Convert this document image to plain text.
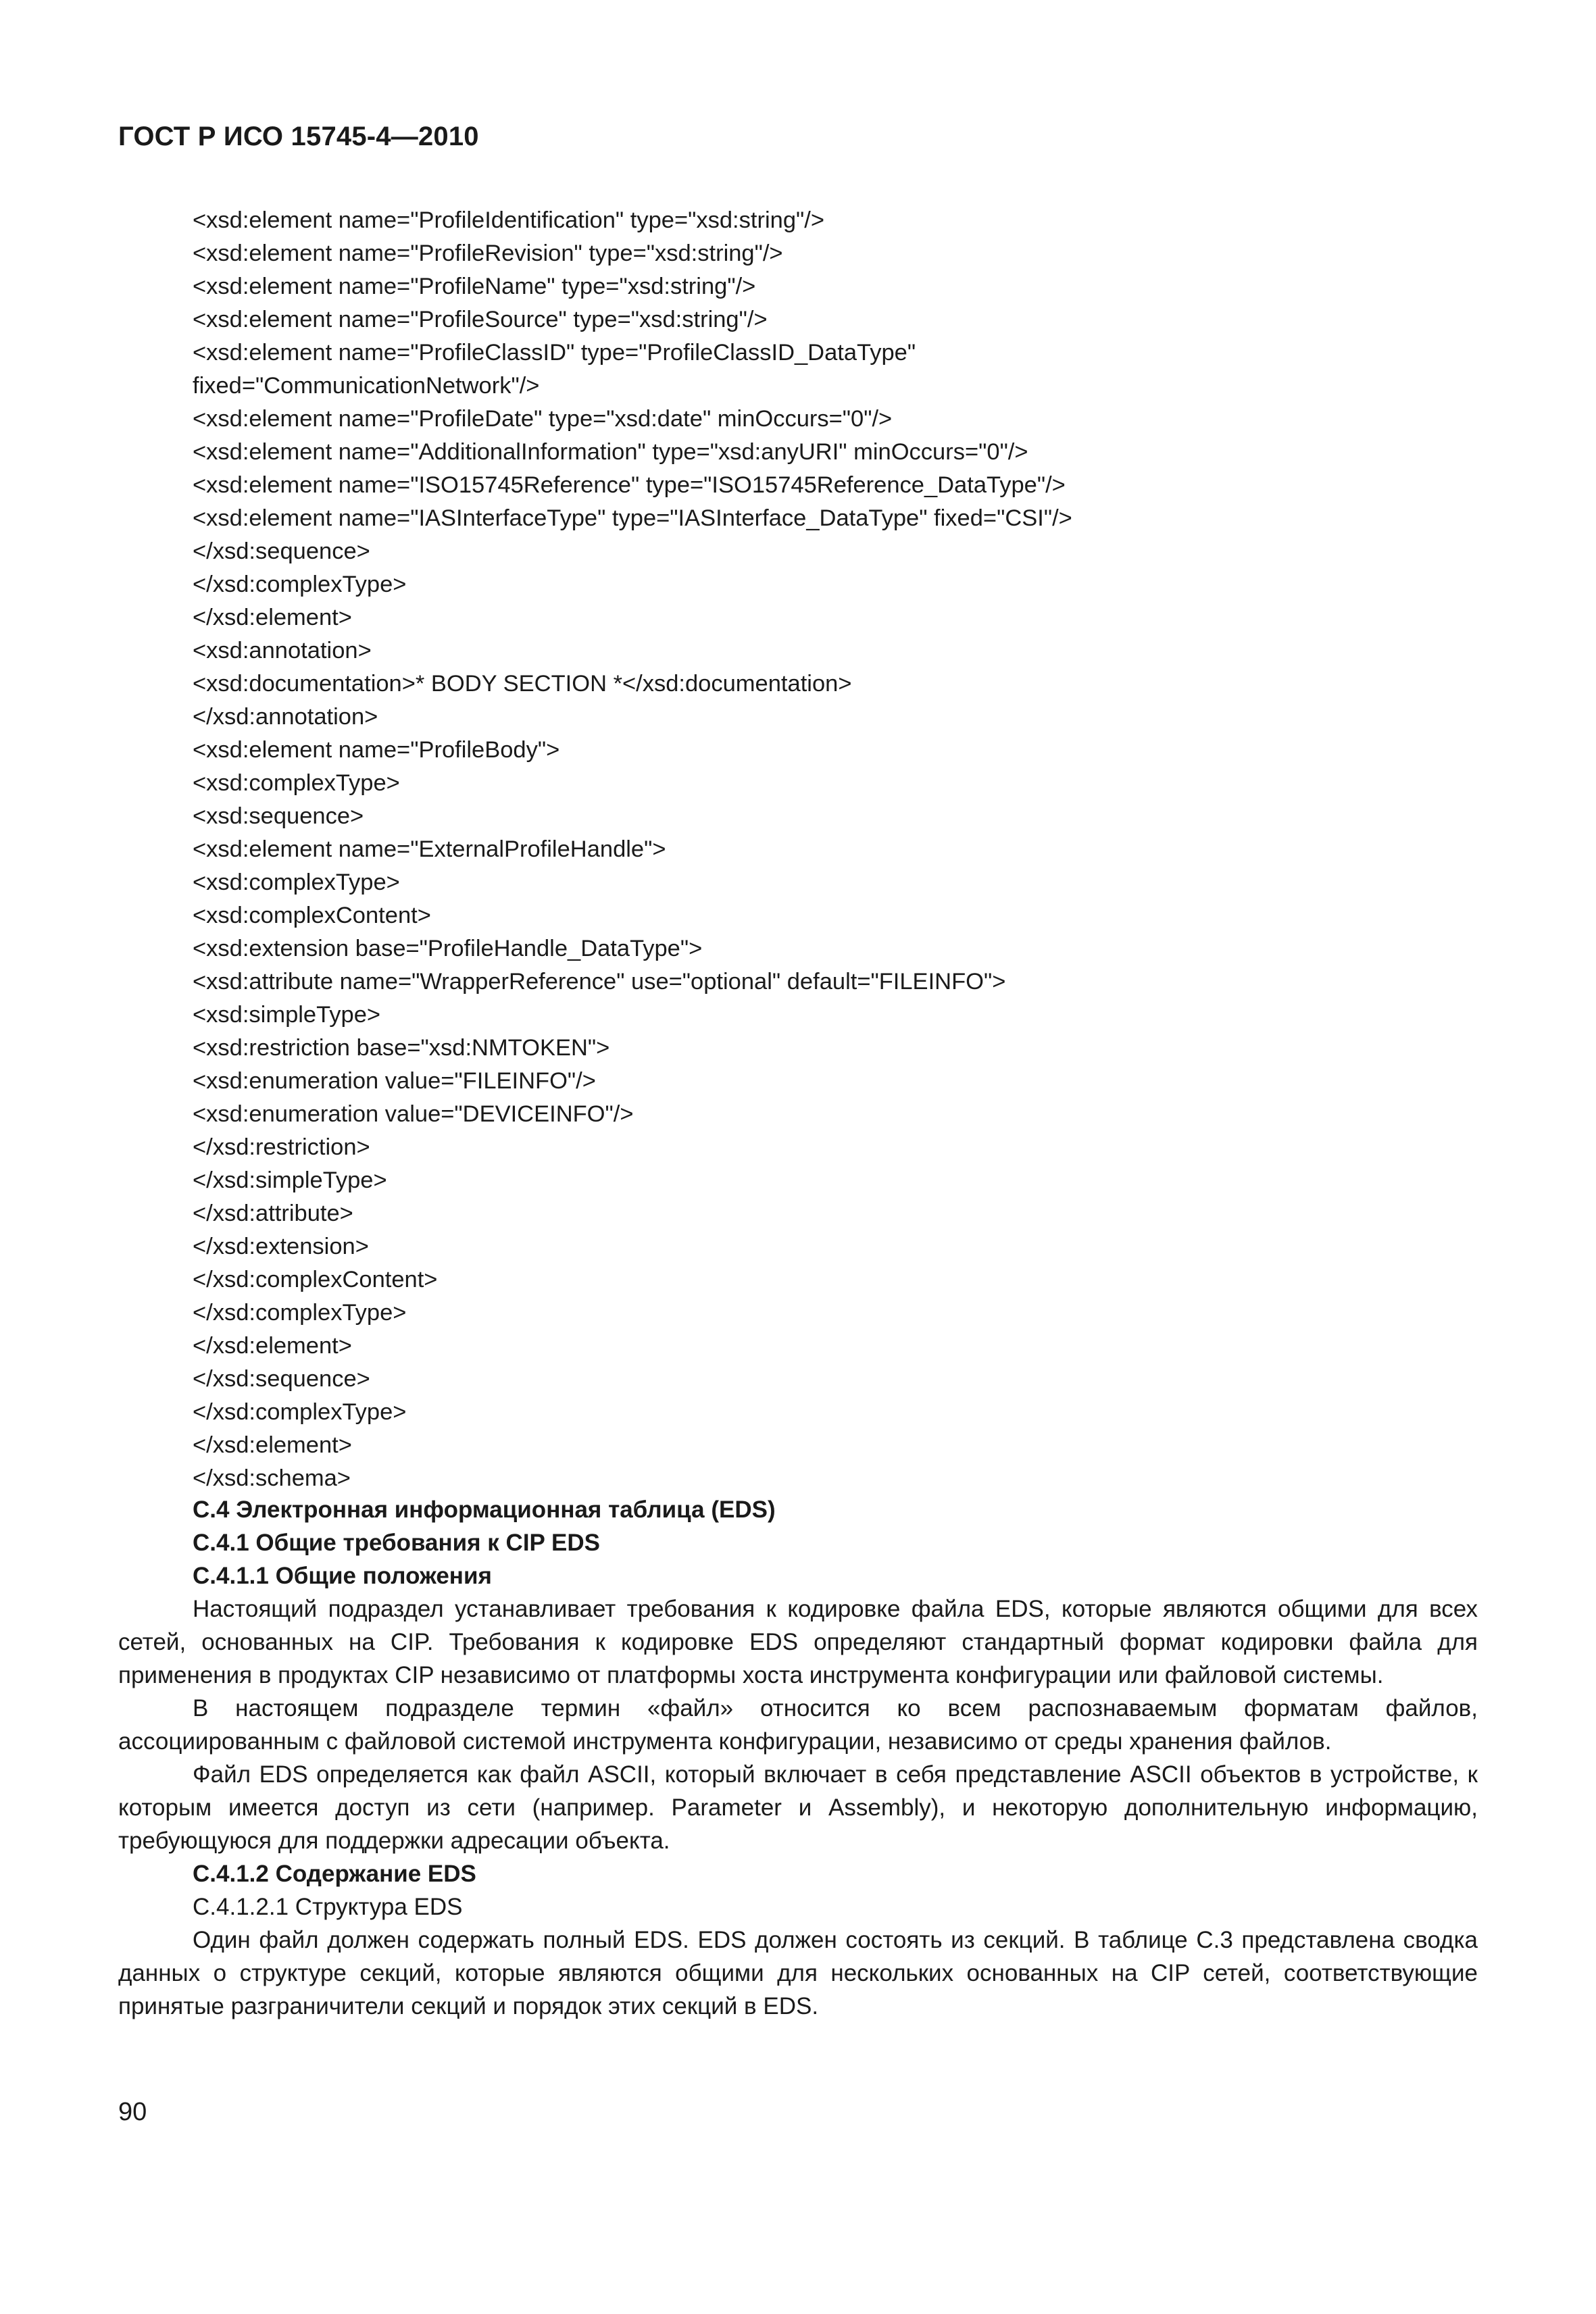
ГОСТ Р ИСО 15745-4—2010
<xsd:element name="ProfileIdentification" type="xsd:string"/>
<xsd:element name="ProfileRevision" type="xsd:string"/>
<xsd:element name="ProfileName" type="xsd:string"/>
<xsd:element name="ProfileSource" type="xsd:string"/>
<xsd:element name="ProfileClassID" type="ProfileClassID_DataType"
fixed="CommunicationNetwork"/>
<xsd:element name="ProfileDate" type="xsd:date" minOccurs="0"/>
<xsd:element name="AdditionalInformation" type="xsd:anyURI" minOccurs="0"/>
<xsd:element name="ISO15745Reference" type="ISO15745Reference_DataType"/>
<xsd:element name="IASInterfaceType" type="IASInterface_DataType" fixed="CSI"/>
</xsd:sequence>
</xsd:complexType>
</xsd:element>
<xsd:annotation>
<xsd:documentation>* BODY SECTION *</xsd:documentation>
</xsd:annotation>
<xsd:element name="ProfileBody">
<xsd:complexType>
<xsd:sequence>
<xsd:element name="ExternalProfileHandle">
<xsd:complexType>
<xsd:complexContent>
<xsd:extension base="ProfileHandle_DataType">
<xsd:attribute name="WrapperReference" use="optional" default="FILEINFO">
<xsd:simpleType>
<xsd:restriction base="xsd:NMTOKEN">
<xsd:enumeration value="FILEINFO"/>
<xsd:enumeration value="DEVICEINFO"/>
</xsd:restriction>
</xsd:simpleType>
</xsd:attribute>
</xsd:extension>
</xsd:complexContent>
</xsd:complexType>
</xsd:element>
</xsd:sequence>
</xsd:complexType>
</xsd:element>
</xsd:schema>
С.4 Электронная информационная таблица (EDS)
С.4.1 Общие требования к CIP EDS
С.4.1.1 Общие положения

Настоящий подраздел устанавливает требования к кодировке файла EDS, которые являются общими для всех сетей, основанных на CIP. Требования к кодировке EDS определяют стандартный формат кодировки файла для применения в продуктах CIP независимо от платформы хоста инструмента конфигурации или файловой системы.

В настоящем подразделе термин «файл» относится ко всем распознаваемым форматам файлов, ассоциированным с файловой системой инструмента конфигурации, независимо от среды хранения файлов.

Файл EDS определяется как файл ASCII, который включает в себя представление ASCII объектов в устройстве, к которым имеется доступ из сети (например. Parameter и Assembly), и некоторую дополнительную информацию, требующуюся для поддержки адресации объекта.

С.4.1.2 Содержание EDS
С.4.1.2.1 Структура EDS

Один файл должен содержать полный EDS. EDS должен состоять из секций. В таблице С.3 представлена сводка данных о структуре секций, которые являются общими для нескольких основанных на CIP сетей, соответствующие принятые разграничители секций и порядок этих секций в EDS.

90
